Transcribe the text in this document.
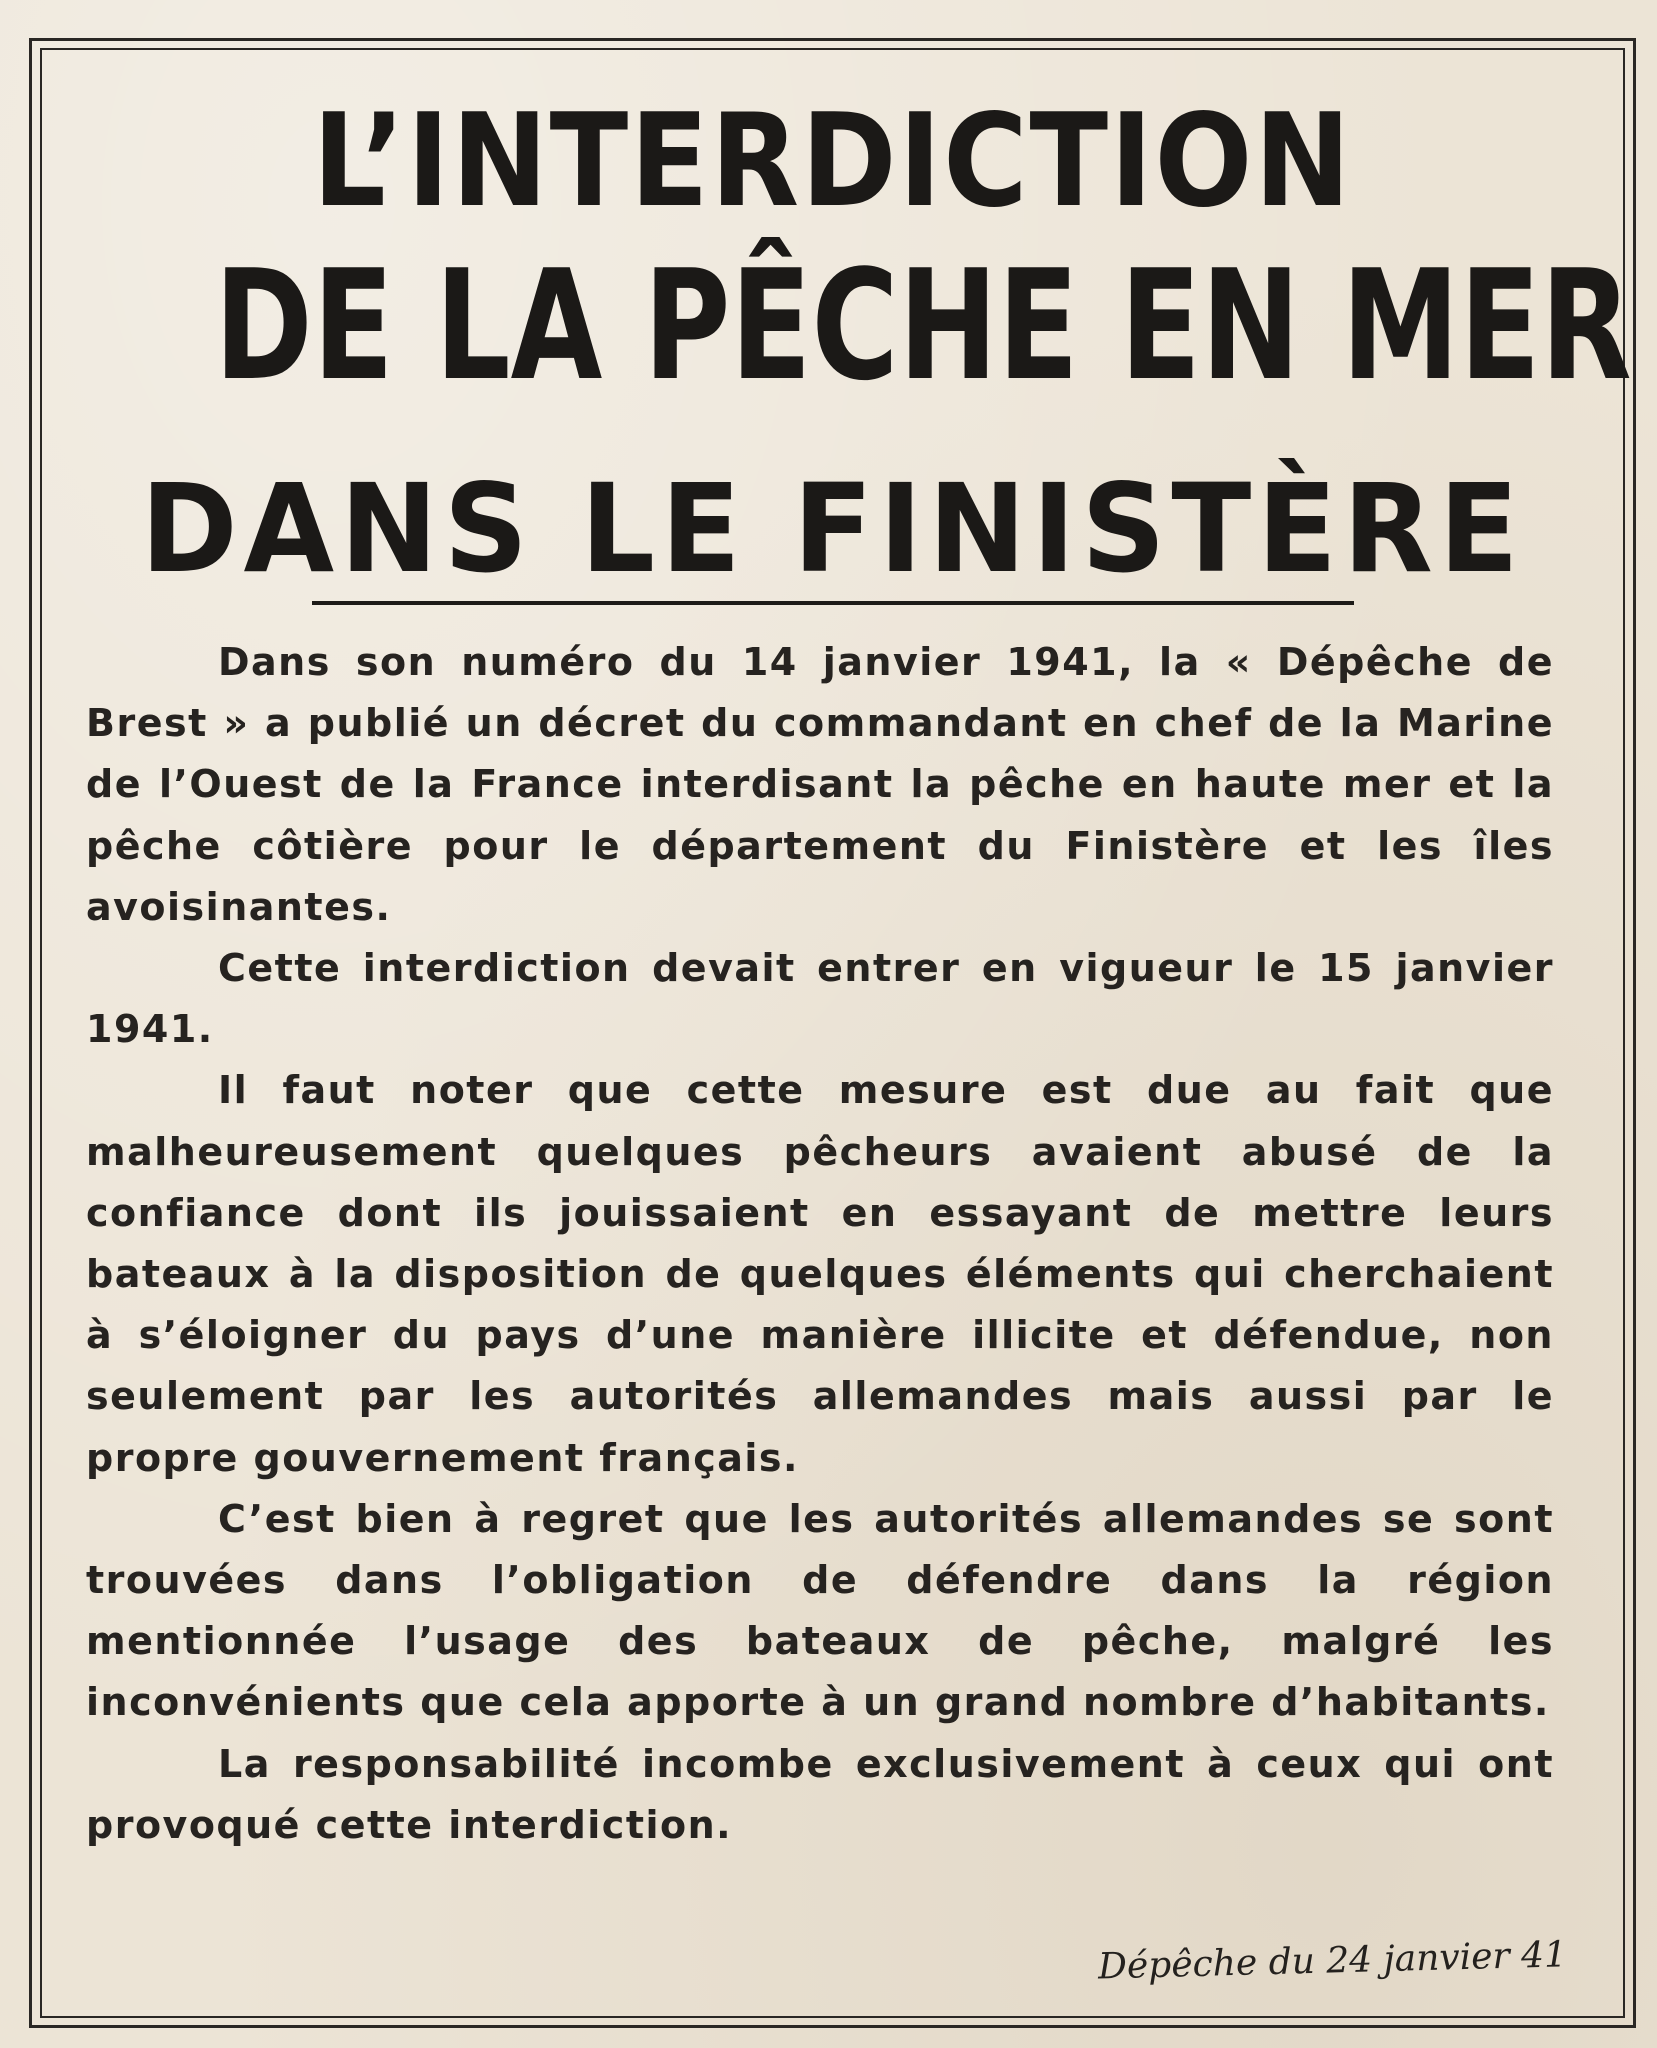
L’INTERDICTION
DE LA PÊCHE EN MER
DANS LE FINISTÈRE

Dans son numéro du 14 janvier 1941, la « Dépêche de Brest » a publié un décret du commandant en chef de la Marine de l’Ouest de la France interdisant la pêche en haute mer et la pêche côtière pour le département du Finistère et les îles avoisinantes.

Cette interdiction devait entrer en vigueur le 15 janvier 1941.

Il faut noter que cette mesure est due au fait que malheureusement quelques pêcheurs avaient abusé de la confiance dont ils jouissaient en essayant de mettre leurs bateaux à la disposition de quelques éléments qui cherchaient à s’éloigner du pays d’une manière illicite et défendue, non seulement par les autorités allemandes mais aussi par le propre gouvernement français.

C’est bien à regret que les autorités allemandes se sont trouvées dans l’obligation de défendre dans la région mentionnée l’usage des bateaux de pêche, malgré les inconvénients que cela apporte à un grand nombre d’habitants.

La responsabilité incombe exclusivement à ceux qui ont provoqué cette interdiction.

Dépêche du 24 janvier 41
